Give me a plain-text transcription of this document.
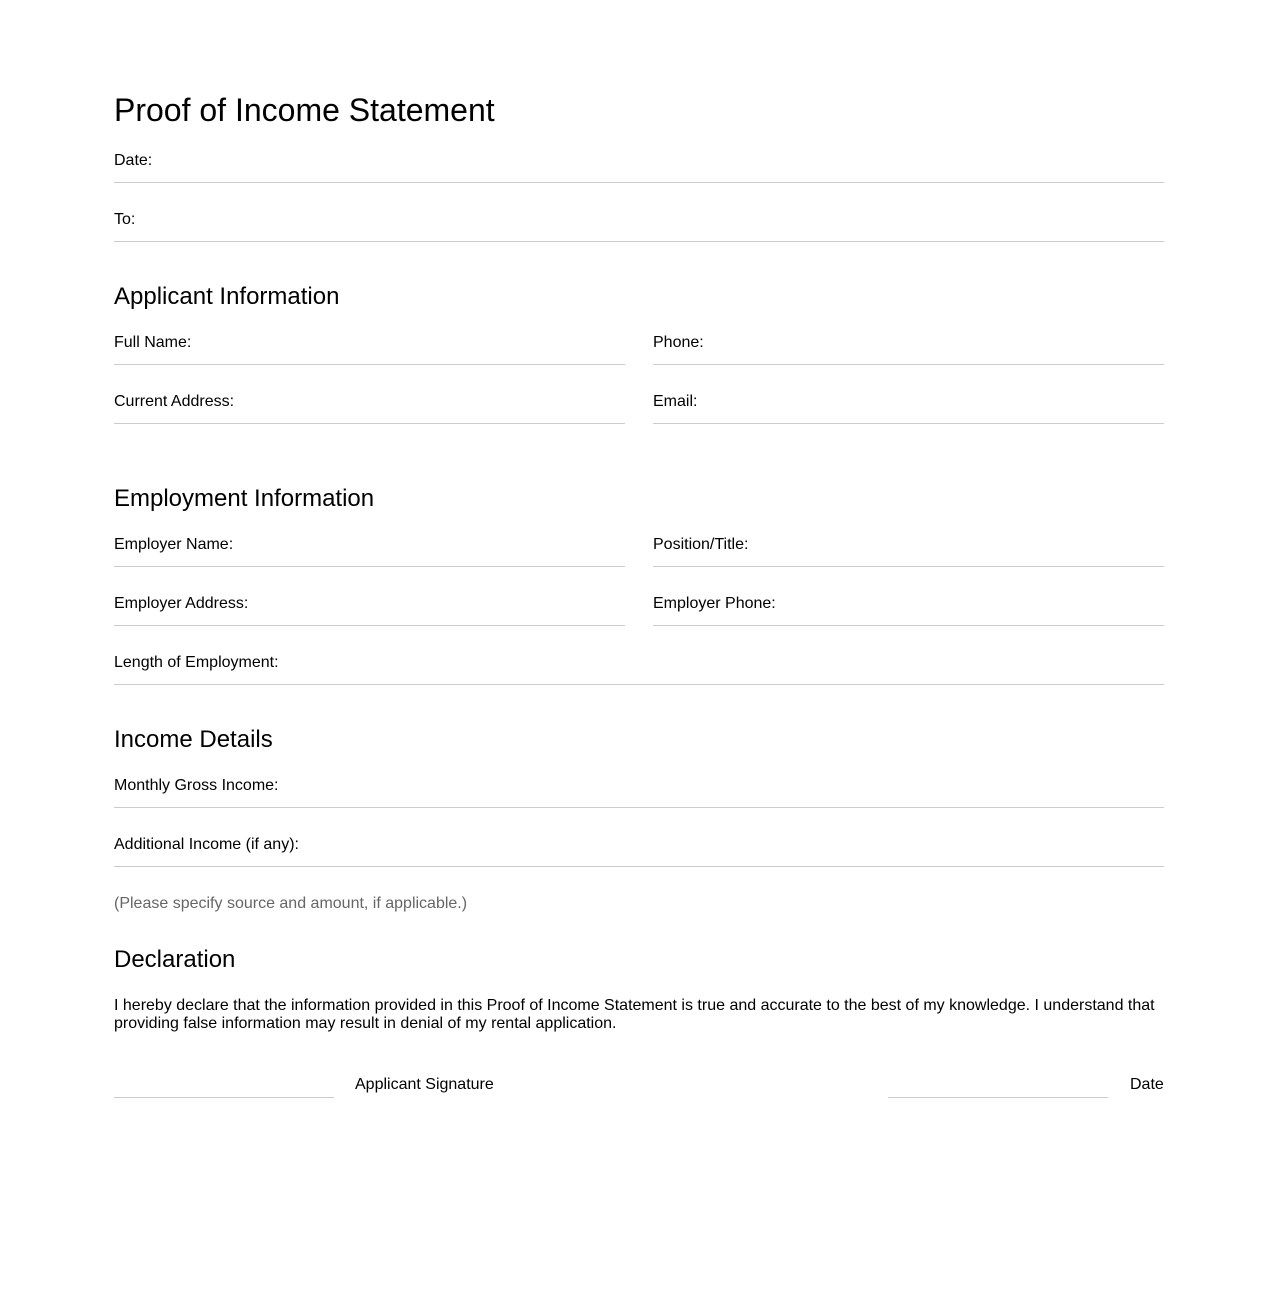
Proof of Income Statement
Date:
To:
Applicant Information
Full Name:	Phone:
Current Address:	Email:
Employment Information
Employer Name:	Position/Title:
Employer Address:	Employer Phone:
Length of Employment:
Income Details
Monthly Gross Income:
Additional Income (if any):
(Please specify source and amount, if applicable.)
Declaration

I hereby declare that the information provided in this Proof of Income Statement is true and accurate to the best of my knowledge. I understand that providing false information may result in denial of my rental application.

Applicant Signature	Date
